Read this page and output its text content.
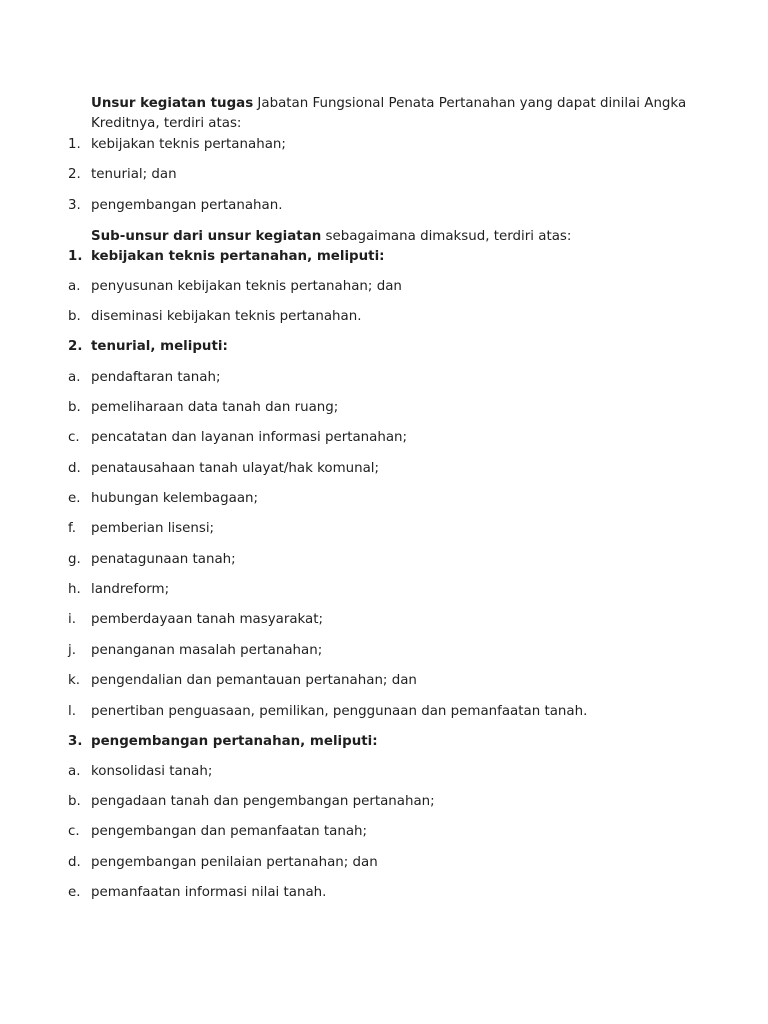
Unsur kegiatan tugas Jabatan Fungsional Penata Pertanahan yang dapat dinilai Angka Kreditnya, terdiri atas:

1. kebijakan teknis pertanahan;
2. tenurial; dan
3. pengembangan pertanahan.

Sub-unsur dari unsur kegiatan sebagaimana dimaksud, terdiri atas:

1. kebijakan teknis pertanahan, meliputi:
a. penyusunan kebijakan teknis pertanahan; dan
b. diseminasi kebijakan teknis pertanahan.
2. tenurial, meliputi:
a. pendaftaran tanah;
b. pemeliharaan data tanah dan ruang;
c. pencatatan dan layanan informasi pertanahan;
d. penatausahaan tanah ulayat/hak komunal;
e. hubungan kelembagaan;
f. pemberian lisensi;
g. penatagunaan tanah;
h. landreform;
i. pemberdayaan tanah masyarakat;
j. penanganan masalah pertanahan;
k. pengendalian dan pemantauan pertanahan; dan
l. penertiban penguasaan, pemilikan, penggunaan dan pemanfaatan tanah.
3. pengembangan pertanahan, meliputi:
a. konsolidasi tanah;
b. pengadaan tanah dan pengembangan pertanahan;
c. pengembangan dan pemanfaatan tanah;
d. pengembangan penilaian pertanahan; dan
e. pemanfaatan informasi nilai tanah.
